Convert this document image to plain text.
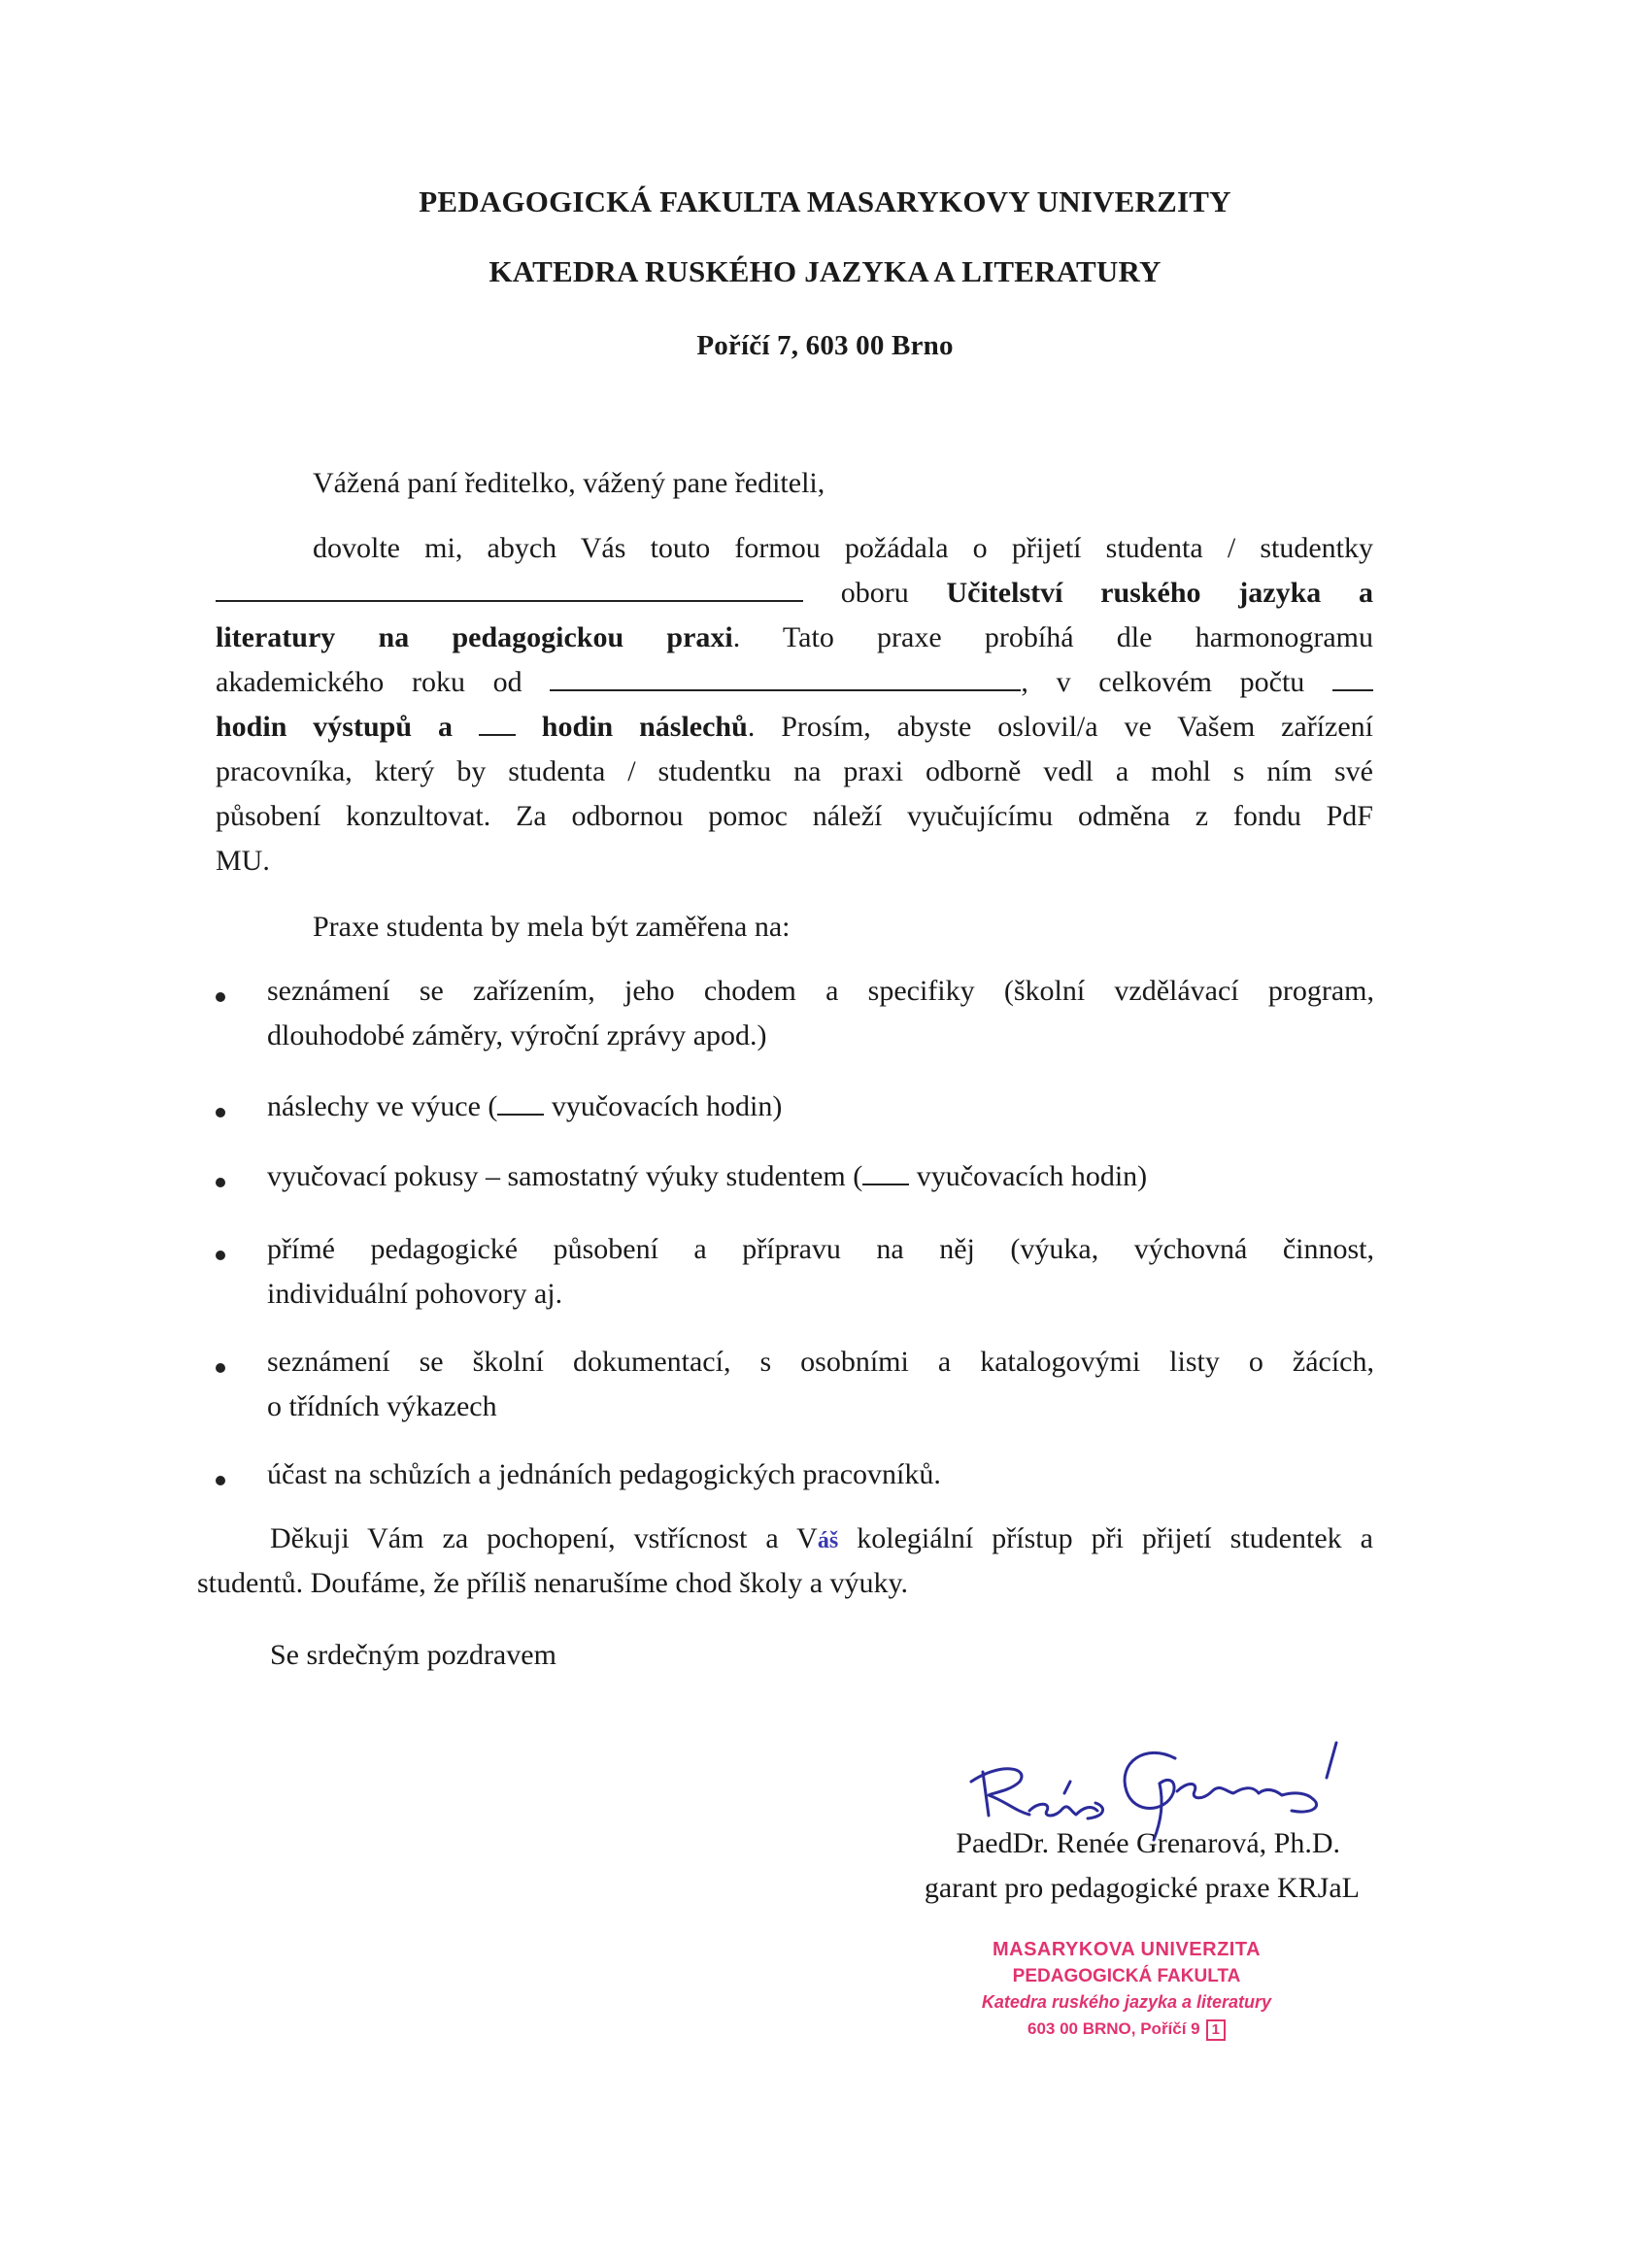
PEDAGOGICKÁ FAKULTA MASARYKOVY UNIVERZITY
KATEDRA RUSKÉHO JAZYKA A LITERATURY
Poříčí 7, 603 00 Brno
Vážená paní ředitelko, vážený pane řediteli,
dovolte mi, abych Vás touto formou požádala o přijetí studenta / studentky
oboru Učitelství ruského jazyka a
literatury na pedagogickou praxi. Tato praxe probíhá dle harmonogramu
akademického roku od	, v celkovém počtu
hodin výstupů a	hodin náslechů. Prosím, abyste oslovil/a ve Vašem zařízení
pracovníka, který by studenta / studentku na praxi odborně vedl a mohl s ním své
působení konzultovat. Za odbornou pomoc náleží vyučujícímu odměna z fondu PdF
MU.
Praxe studenta by mela být zaměřena na:
seznámení se zařízením, jeho chodem a specifiky (školní vzdělávací program,
dlouhodobé záměry, výroční zprávy apod.)
náslechy ve výuce ( vyučovacích hodin)
vyučovací pokusy – samostatný výuky studentem ( vyučovacích hodin)
přímé pedagogické působení a přípravu na něj (výuka, výchovná činnost,
individuální pohovory aj.
seznámení se školní dokumentací, s osobními a katalogovými listy o žácích,
o třídních výkazech
účast na schůzích a jednáních pedagogických pracovníků.
Děkuji Vám za pochopení, vstřícnost a Váš kolegiální přístup při přijetí studentek a
studentů. Doufáme, že příliš nenarušíme chod školy a výuky.
Se srdečným pozdravem
PaedDr. Renée Grenarová, Ph.D.
garant pro pedagogické praxe KRJaL
MASARYKOVA UNIVERZITA
PEDAGOGICKÁ FAKULTA
Katedra ruského jazyka a literatury
603 00 BRNO, Poříčí 9 1
